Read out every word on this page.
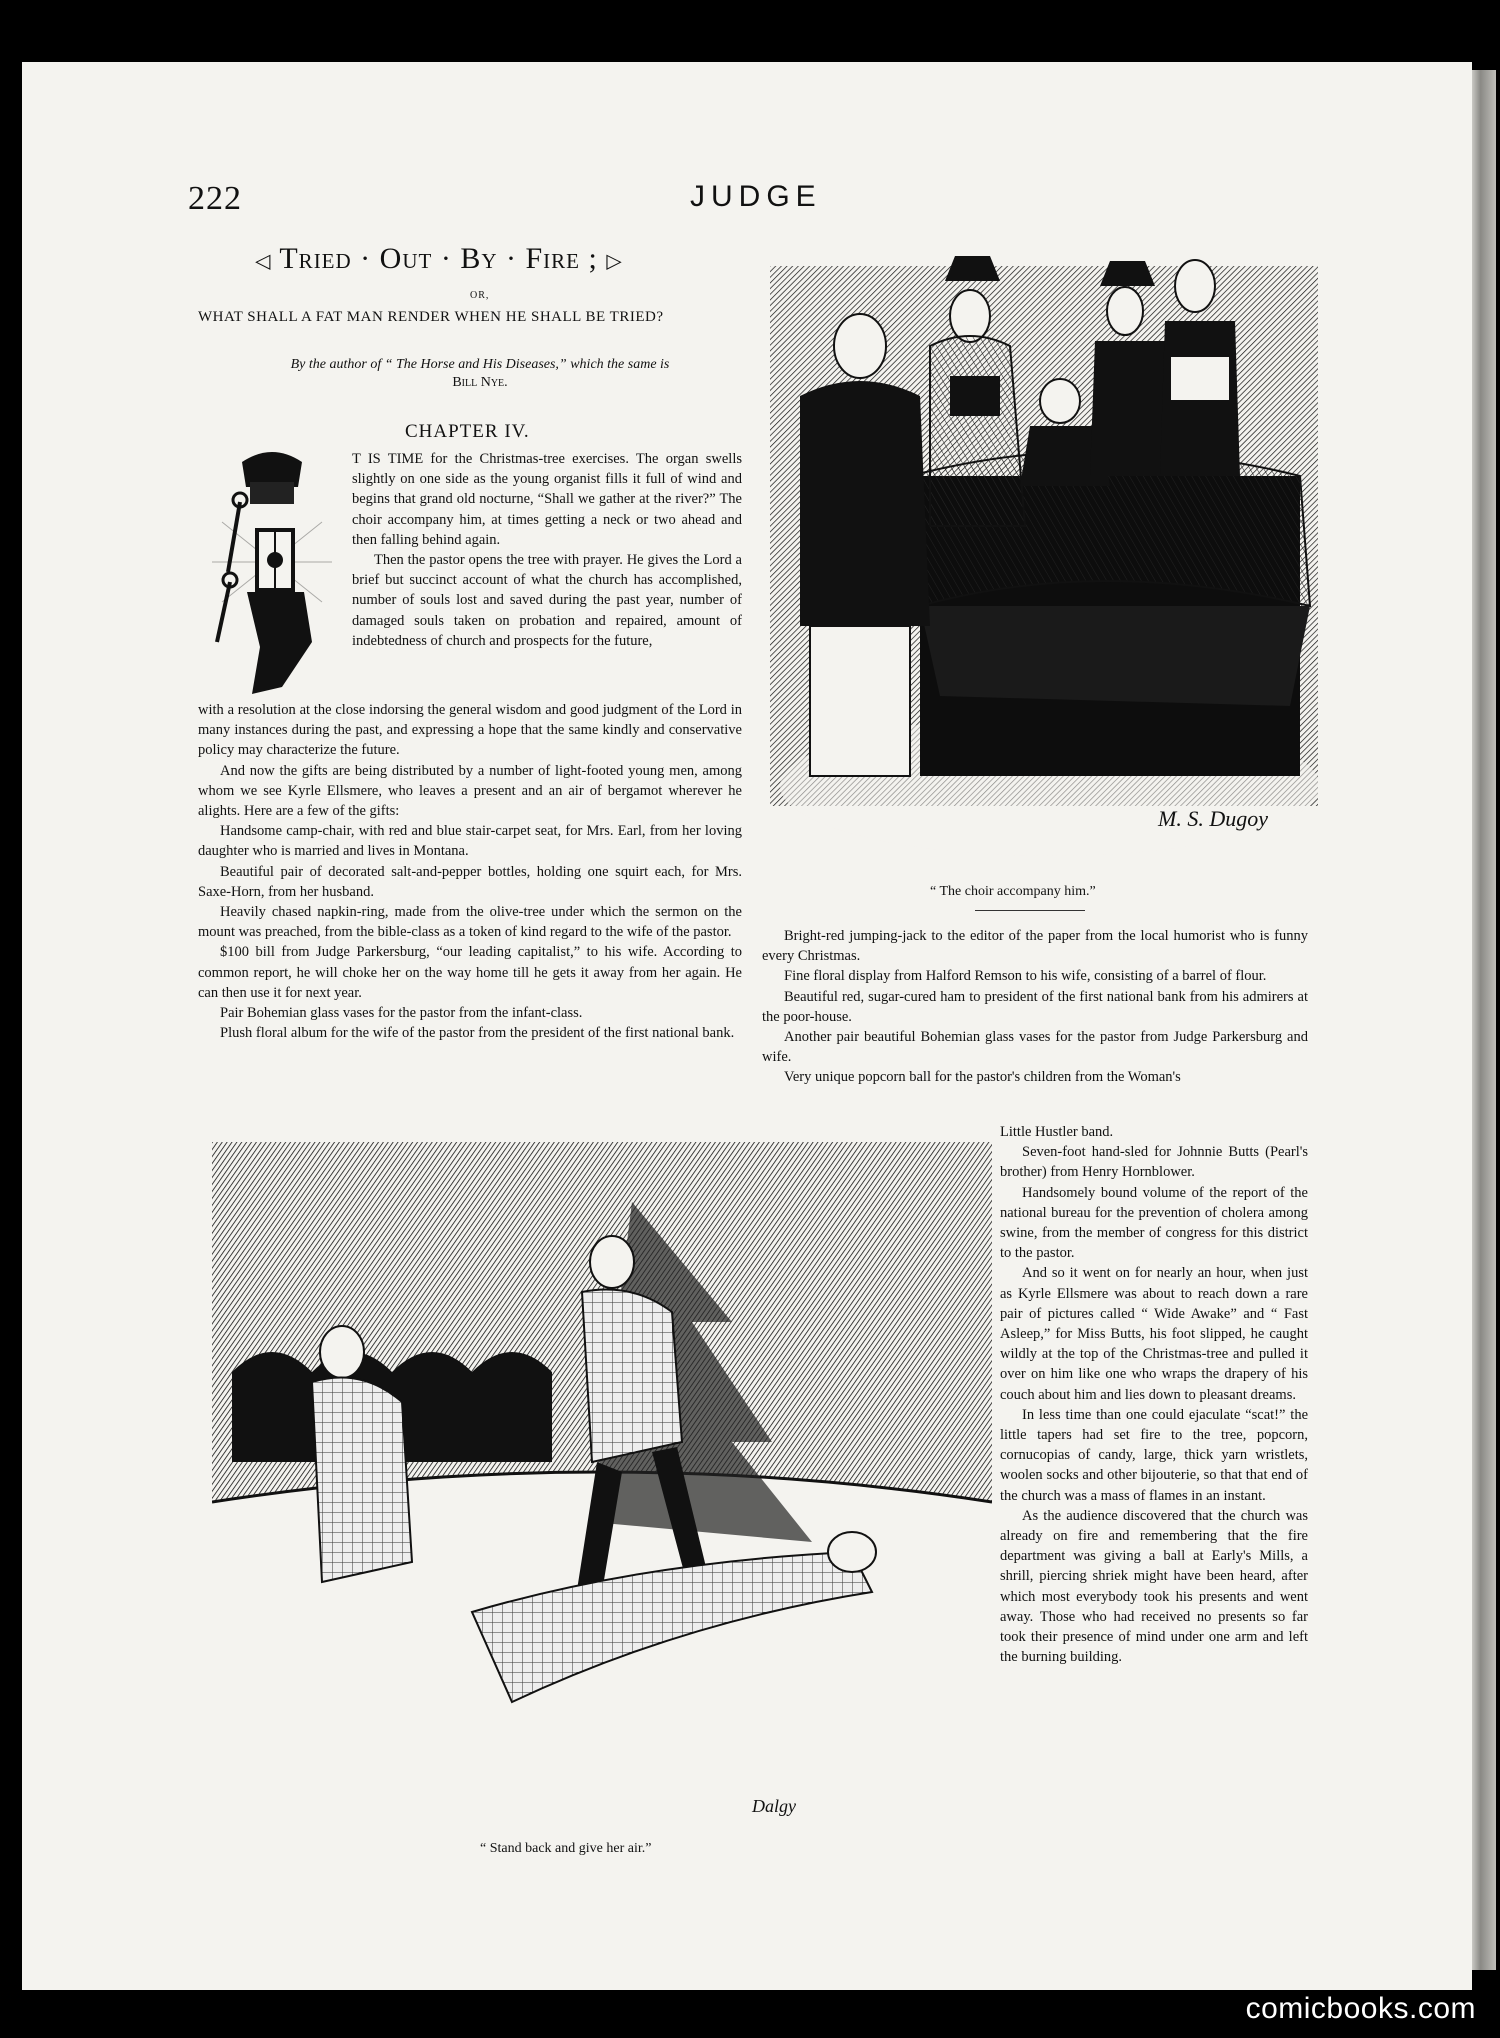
222	JUDGE
◁ Tried · Out · By · Fire ; ▷
OR,
WHAT SHALL A FAT MAN RENDER WHEN HE SHALL BE TRIED?
By the author of “ The Horse and His Diseases,” which the same is
Bill Nye.
CHAPTER IV.

T IS TIME for the Christmas-tree exercises. The organ swells slightly on one side as the young organist fills it full of wind and begins that grand old nocturne, “Shall we gather at the river?” The choir accompany him, at times getting a neck or two ahead and then falling behind again.

Then the pastor opens the tree with prayer. He gives the Lord a brief but succinct account of what the church has accomplished, number of souls lost and saved during the past year, number of damaged souls taken on probation and repaired, amount of indebtedness of church and prospects for the future,

with a resolution at the close indorsing the general wisdom and good judgment of the Lord in many instances during the past, and expressing a hope that the same kindly and conservative policy may characterize the future.

And now the gifts are being distributed by a number of light-footed young men, among whom we see Kyrle Ellsmere, who leaves a present and an air of bergamot wherever he alights. Here are a few of the gifts:

Handsome camp-chair, with red and blue stair-carpet seat, for Mrs. Earl, from her loving daughter who is married and lives in Montana.

Beautiful pair of decorated salt-and-pepper bottles, holding one squirt each, for Mrs. Saxe-Horn, from her husband.

Heavily chased napkin-ring, made from the olive-tree under which the sermon on the mount was preached, from the bible-class as a token of kind regard to the wife of the pastor.

$100 bill from Judge Parkersburg, “our leading capitalist,” to his wife. According to common report, he will choke her on the way home till he gets it away from her again. He can then use it for next year.

Pair Bohemian glass vases for the pastor from the infant-class.

Plush floral album for the wife of the pastor from the president of the first national bank.

M. S. Dugoy
“ The choir accompany him.”

Bright-red jumping-jack to the editor of the paper from the local humorist who is funny every Christmas.

Fine floral display from Halford Remson to his wife, consisting of a barrel of flour.

Beautiful red, sugar-cured ham to president of the first national bank from his admirers at the poor-house.

Another pair beautiful Bohemian glass vases for the pastor from Judge Parkersburg and wife.

Very unique popcorn ball for the pastor's children from the Woman's

Dalgy
“ Stand back and give her air.”

Little Hustler band.

Seven-foot hand-sled for Johnnie Butts (Pearl's brother) from Henry Hornblower.

Handsomely bound volume of the report of the national bureau for the prevention of cholera among swine, from the member of congress for this district to the pastor.

And so it went on for nearly an hour, when just as Kyrle Ellsmere was about to reach down a rare pair of pictures called “ Wide Awake” and “ Fast Asleep,” for Miss Butts, his foot slipped, he caught wildly at the top of the Christmas-tree and pulled it over on him like one who wraps the drapery of his couch about him and lies down to pleasant dreams.

In less time than one could ejaculate “scat!” the little tapers had set fire to the tree, popcorn, cornucopias of candy, large, thick yarn wristlets, woolen socks and other bijouterie, so that that end of the church was a mass of flames in an instant.

As the audience discovered that the church was already on fire and remembering that the fire department was giving a ball at Early's Mills, a shrill, piercing shriek might have been heard, after which most everybody took his presents and went away. Those who had received no presents so far took their presence of mind under one arm and left the burning building.

comicbooks.com
